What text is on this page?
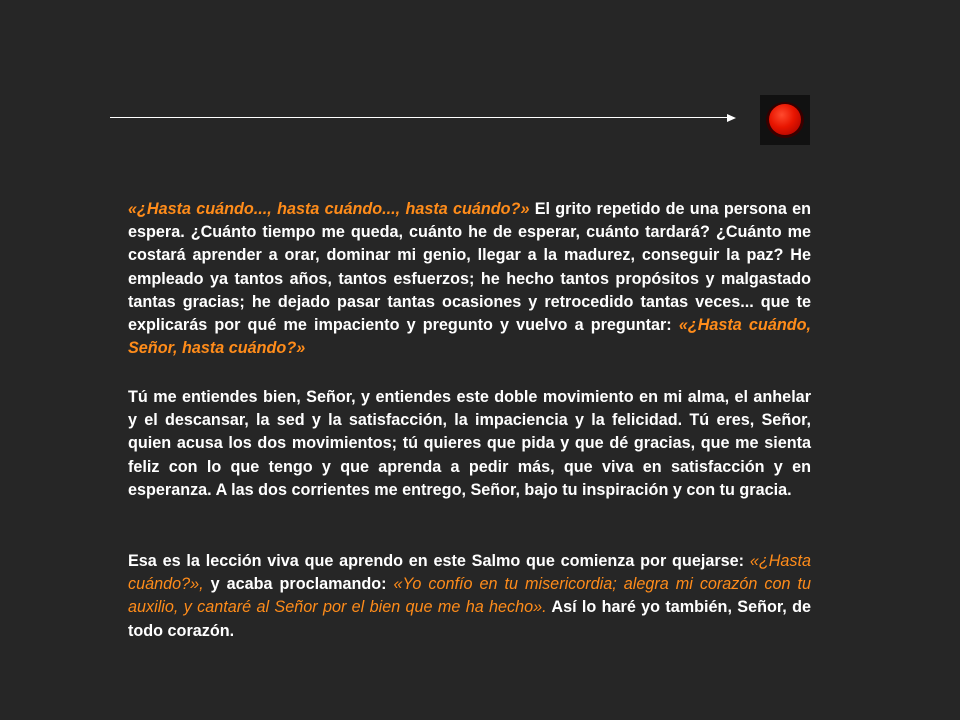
«¿Hasta cuándo..., hasta cuándo..., hasta cuándo?» El grito repetido de una persona en espera. ¿Cuánto tiempo me queda, cuánto he de esperar, cuánto tardará? ¿Cuánto me costará aprender a orar, dominar mi genio, llegar a la madurez, conseguir la paz? He empleado ya tantos años, tantos esfuerzos; he hecho tantos propósitos y malgastado tantas gracias; he dejado pasar tantas ocasiones y retrocedido tantas veces... que te explicarás por qué me impaciento y pregunto y vuelvo a preguntar: «¿Hasta cuándo, Señor, hasta cuándo?»

Tú me entiendes bien, Señor, y entiendes este doble movimiento en mi alma, el anhelar y el descansar, la sed y la satisfacción, la impaciencia y la felicidad. Tú eres, Señor, quien acusa los dos movimientos; tú quieres que pida y que dé gracias, que me sienta feliz con lo que tengo y que aprenda a pedir más, que viva en satisfacción y en esperanza. A las dos corrientes me entrego, Señor, bajo tu inspiración y con tu gracia.

Esa es la lección viva que aprendo en este Salmo que comienza por quejarse: «¿Hasta cuándo?», y acaba proclamando: «Yo confío en tu misericordia; alegra mi corazón con tu auxilio, y cantaré al Señor por el bien que me ha hecho». Así lo haré yo también, Señor, de todo corazón.
